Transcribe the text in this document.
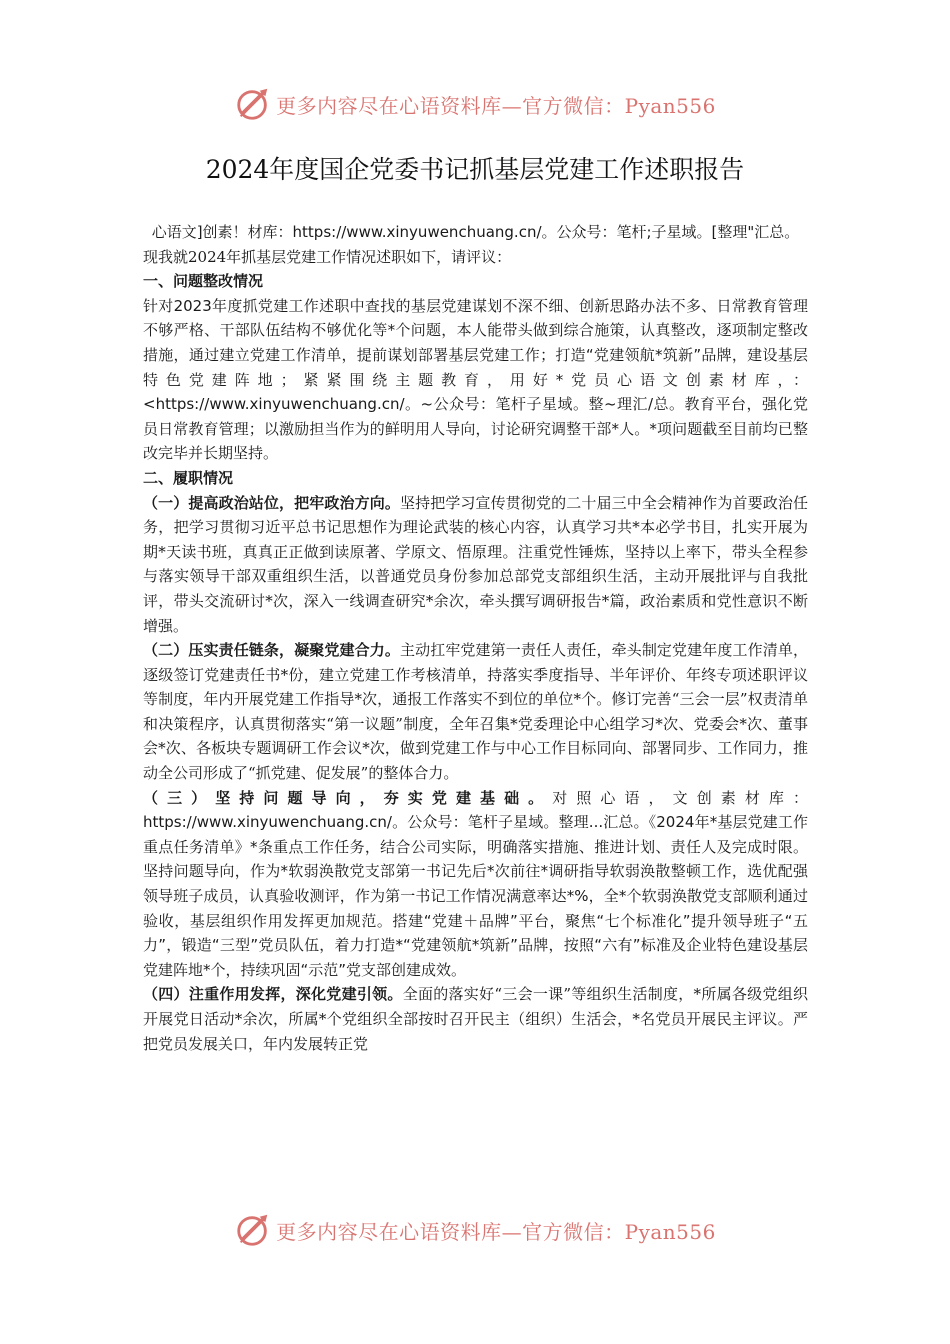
更多内容尽在心语资料库—官方微信：Pyan556
2024年度国企党委书记抓基层党建工作述职报告

心语文]创素！材库：https://www.xinyuwenchuang.cn/。公众号：笔杆;子星域。[整理"汇总。

现我就2024年抓基层党建工作情况述职如下，请评议：

一、问题整改情况

针对2023年度抓党建工作述职中查找的基层党建谋划不深不细、创新思路办法不多、日常教育管理不够严格、干部队伍结构不够优化等*个问题，本人能带头做到综合施策，认真整改，逐项制定整改措施，通过建立党建工作清单，提前谋划部署基层党建工作；打造“党建领航*筑新”品牌，建设基层特色党建阵地；紧紧围绕主题教育，用好*党员心语文创素材库，：<https://www.xinyuwenchuang.cn/。~公众号：笔杆子星域。整~理汇/总。教育平台，强化党员日常教育管理；以激励担当作为的鲜明用人导向，讨论研究调整干部*人。*项问题截至目前均已整改完毕并长期坚持。

二、履职情况

（一）提高政治站位，把牢政治方向。坚持把学习宣传贯彻党的二十届三中全会精神作为首要政治任务，把学习贯彻习近平总书记思想作为理论武装的核心内容，认真学习共*本必学书目，扎实开展为期*天读书班，真真正正做到读原著、学原文、悟原理。注重党性锤炼，坚持以上率下，带头全程参与落实领导干部双重组织生活，以普通党员身份参加总部党支部组织生活，主动开展批评与自我批评，带头交流研讨*次，深入一线调查研究*余次，牵头撰写调研报告*篇，政治素质和党性意识不断增强。

（二）压实责任链条，凝聚党建合力。主动扛牢党建第一责任人责任，牵头制定党建年度工作清单，逐级签订党建责任书*份，建立党建工作考核清单，持落实季度指导、半年评价、年终专项述职评议等制度，年内开展党建工作指导*次，通报工作落实不到位的单位*个。修订完善“三会一层”权责清单和决策程序，认真贯彻落实“第一议题”制度，全年召集*党委理论中心组学习*次、党委会*次、董事会*次、各板块专题调研工作会议*次，做到党建工作与中心工作目标同向、部署同步、工作同力，推动全公司形成了“抓党建、促发展”的整体合力。

（三）坚持问题导向，夯实党建基础。对照心语，文创素材库：https://www.xinyuwenchuang.cn/。公众号：笔杆子星域。整理...汇总。《2024年*基层党建工作重点任务清单》*条重点工作任务，结合公司实际，明确落实措施、推进计划、责任人及完成时限。坚持问题导向，作为*软弱涣散党支部第一书记先后*次前往*调研指导软弱涣散整顿工作，选优配强领导班子成员，认真验收测评，作为第一书记工作情况满意率达*%，全*个软弱涣散党支部顺利通过验收，基层组织作用发挥更加规范。搭建“党建＋品牌”平台，聚焦“七个标准化”提升领导班子“五力”，锻造“三型”党员队伍，着力打造*“党建领航*筑新”品牌，按照“六有”标准及企业特色建设基层党建阵地*个，持续巩固“示范”党支部创建成效。

（四）注重作用发挥，深化党建引领。全面的落实好“三会一课”等组织生活制度，*所属各级党组织开展党日活动*余次，所属*个党组织全部按时召开民主（组织）生活会，*名党员开展民主评议。严把党员发展关口，年内发展转正党

更多内容尽在心语资料库—官方微信：Pyan556
